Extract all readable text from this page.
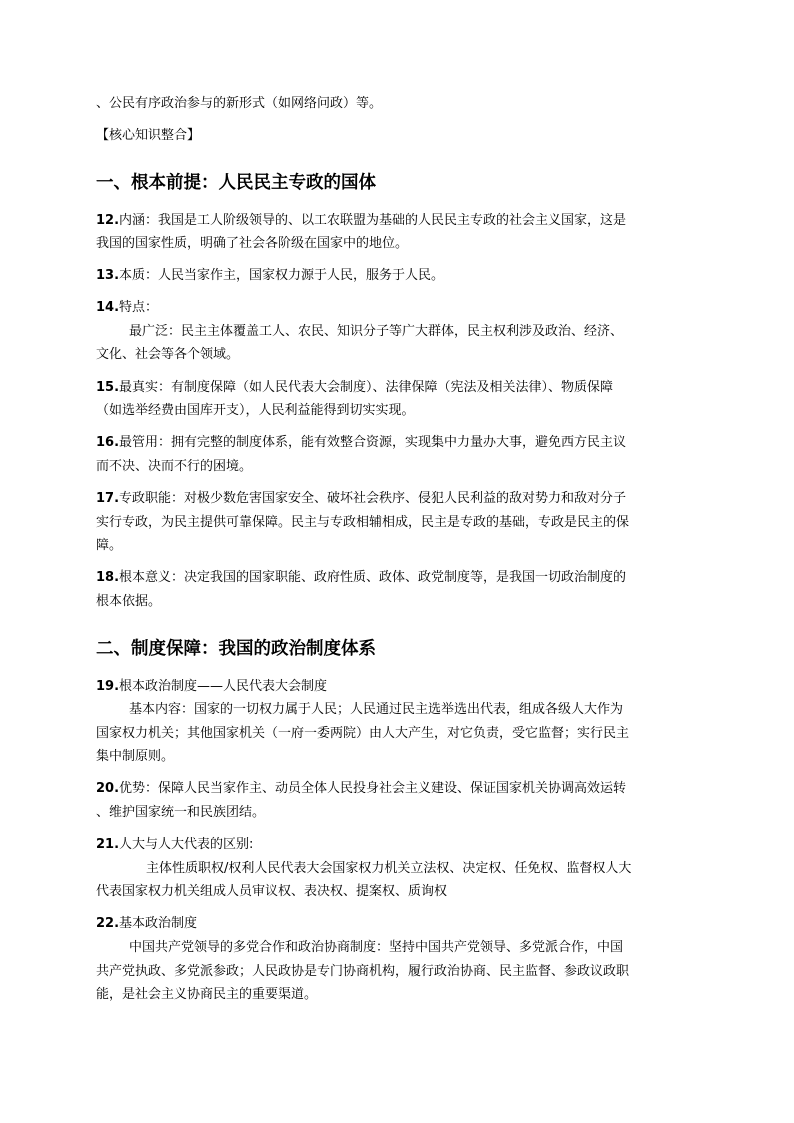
、公民有序政治参与的新形式（如网络问政）等。
【核心知识整合】
一、根本前提：人民民主专政的国体
12.内涵：我国是工人阶级领导的、以工农联盟为基础的人民民主专政的社会主义国家，这是
我国的国家性质，明确了社会各阶级在国家中的地位。
13.本质：人民当家作主，国家权力源于人民，服务于人民。
14.特点：
最广泛：民主主体覆盖工人、农民、知识分子等广大群体，民主权利涉及政治、经济、
文化、社会等各个领域。
15.最真实：有制度保障（如人民代表大会制度）、法律保障（宪法及相关法律）、物质保障
（如选举经费由国库开支），人民利益能得到切实实现。
16.最管用：拥有完整的制度体系，能有效整合资源，实现集中力量办大事，避免西方民主议
而不决、决而不行的困境。
17.专政职能：对极少数危害国家安全、破坏社会秩序、侵犯人民利益的敌对势力和敌对分子
实行专政，为民主提供可靠保障。民主与专政相辅相成，民主是专政的基础，专政是民主的保
障。
18.根本意义：决定我国的国家职能、政府性质、政体、政党制度等，是我国一切政治制度的
根本依据。
二、制度保障：我国的政治制度体系
19.根本政治制度——人民代表大会制度
基本内容：国家的一切权力属于人民；人民通过民主选举选出代表，组成各级人大作为
国家权力机关；其他国家机关（一府一委两院）由人大产生，对它负责，受它监督；实行民主
集中制原则。
20.优势：保障人民当家作主、动员全体人民投身社会主义建设、保证国家机关协调高效运转
、维护国家统一和民族团结。
21.人大与人大代表的区别:
主体性质职权/权利人民代表大会国家权力机关立法权、决定权、任免权、监督权人大
代表国家权力机关组成人员审议权、表决权、提案权、质询权
22.基本政治制度
中国共产党领导的多党合作和政治协商制度：坚持中国共产党领导、多党派合作，中国
共产党执政、多党派参政；人民政协是专门协商机构，履行政治协商、民主监督、参政议政职
能，是社会主义协商民主的重要渠道。
